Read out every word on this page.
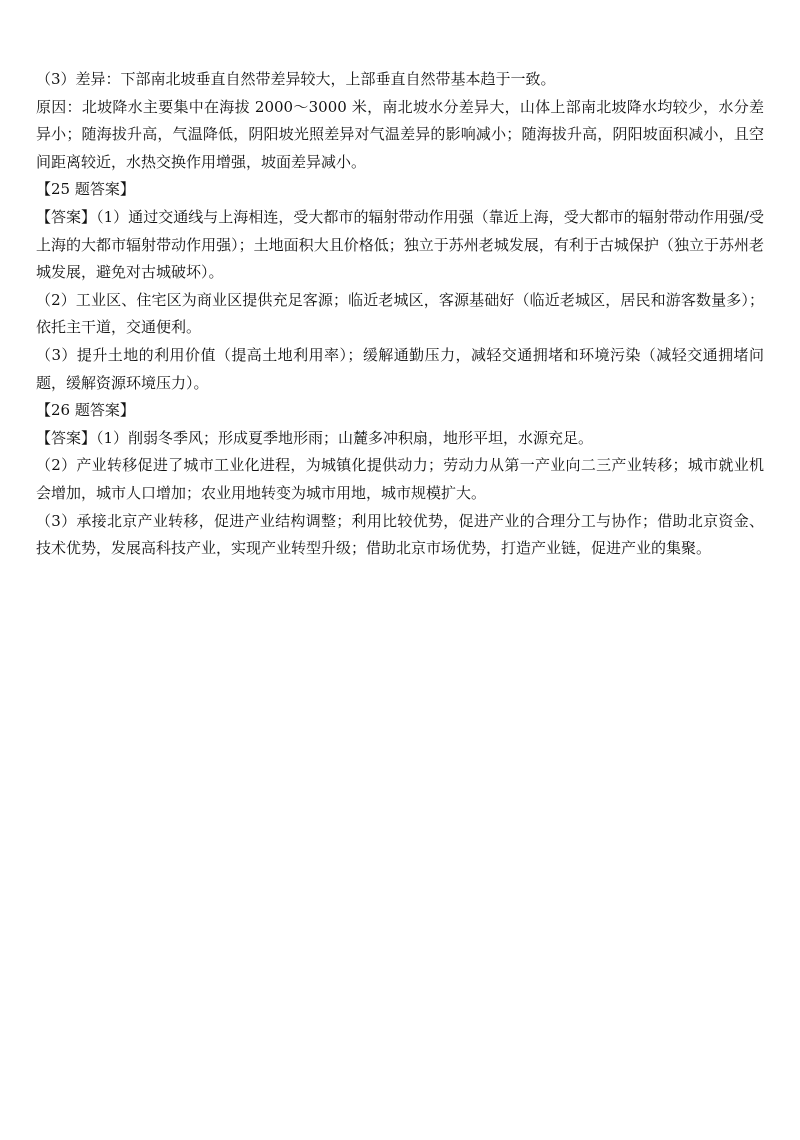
（3）差异：下部南北坡垂直自然带差异较大，上部垂直自然带基本趋于一致。

原因：北坡降水主要集中在海拔 2000～3000 米，南北坡水分差异大，山体上部南北坡降水均较少，水分差异小；随海拔升高，气温降低，阴阳坡光照差异对气温差异的影响减小；随海拔升高，阴阳坡面积减小，且空间距离较近，水热交换作用增强，坡面差异减小。

【25 题答案】

【答案】（1）通过交通线与上海相连，受大都市的辐射带动作用强（靠近上海，受大都市的辐射带动作用强/受上海的大都市辐射带动作用强）；土地面积大且价格低；独立于苏州老城发展，有利于古城保护（独立于苏州老城发展，避免对古城破坏）。

（2）工业区、住宅区为商业区提供充足客源；临近老城区，客源基础好（临近老城区，居民和游客数量多）；依托主干道，交通便利。

（3）提升土地的利用价值（提高土地利用率）；缓解通勤压力，减轻交通拥堵和环境污染（减轻交通拥堵问题，缓解资源环境压力）。

【26 题答案】

【答案】（1）削弱冬季风；形成夏季地形雨；山麓多冲积扇，地形平坦，水源充足。

（2）产业转移促进了城市工业化进程，为城镇化提供动力；劳动力从第一产业向二三产业转移；城市就业机会增加，城市人口增加；农业用地转变为城市用地，城市规模扩大。

（3）承接北京产业转移，促进产业结构调整；利用比较优势，促进产业的合理分工与协作；借助北京资金、技术优势，发展高科技产业，实现产业转型升级；借助北京市场优势，打造产业链，促进产业的集聚。
